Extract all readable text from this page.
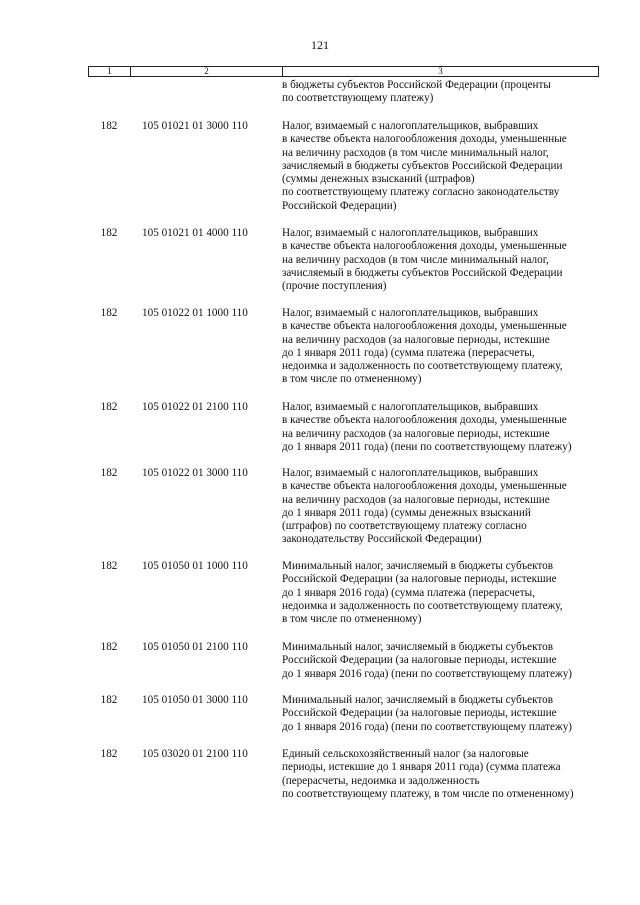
121
1	2	3
в бюджеты субъектов Российской Федерации (проценты
по соответствующему платежу)
182	105 01021 01 3000 110	Налог, взимаемый с налогоплательщиков, выбравших
в качестве объекта налогообложения доходы, уменьшенные
на величину расходов (в том числе минимальный налог,
зачисляемый в бюджеты субъектов Российской Федерации
(суммы денежных взысканий (штрафов)
по соответствующему платежу согласно законодательству
Российской Федерации)
182	105 01021 01 4000 110	Налог, взимаемый с налогоплательщиков, выбравших
в качестве объекта налогообложения доходы, уменьшенные
на величину расходов (в том числе минимальный налог,
зачисляемый в бюджеты субъектов Российской Федерации
(прочие поступления)
182	105 01022 01 1000 110	Налог, взимаемый с налогоплательщиков, выбравших
в качестве объекта налогообложения доходы, уменьшенные
на величину расходов (за налоговые периоды, истекшие
до 1 января 2011 года) (сумма платежа (перерасчеты,
недоимка и задолженность по соответствующему платежу,
в том числе по отмененному)
182	105 01022 01 2100 110	Налог, взимаемый с налогоплательщиков, выбравших
в качестве объекта налогообложения доходы, уменьшенные
на величину расходов (за налоговые периоды, истекшие
до 1 января 2011 года) (пени по соответствующему платежу)
182	105 01022 01 3000 110	Налог, взимаемый с налогоплательщиков, выбравших
в качестве объекта налогообложения доходы, уменьшенные
на величину расходов (за налоговые периоды, истекшие
до 1 января 2011 года) (суммы денежных взысканий
(штрафов) по соответствующему платежу согласно
законодательству Российской Федерации)
182	105 01050 01 1000 110	Минимальный налог, зачисляемый в бюджеты субъектов
Российской Федерации (за налоговые периоды, истекшие
до 1 января 2016 года) (сумма платежа (перерасчеты,
недоимка и задолженность по соответствующему платежу,
в том числе по отмененному)
182	105 01050 01 2100 110	Минимальный налог, зачисляемый в бюджеты субъектов
Российской Федерации (за налоговые периоды, истекшие
до 1 января 2016 года) (пени по соответствующему платежу)
182	105 01050 01 3000 110	Минимальный налог, зачисляемый в бюджеты субъектов
Российской Федерации (за налоговые периоды, истекшие
до 1 января 2016 года) (пени по соответствующему платежу)
182	105 03020 01 2100 110	Единый сельскохозяйственный налог (за налоговые
периоды, истекшие до 1 января 2011 года) (сумма платежа
(перерасчеты, недоимка и задолженность
по соответствующему платежу, в том числе по отмененному)
